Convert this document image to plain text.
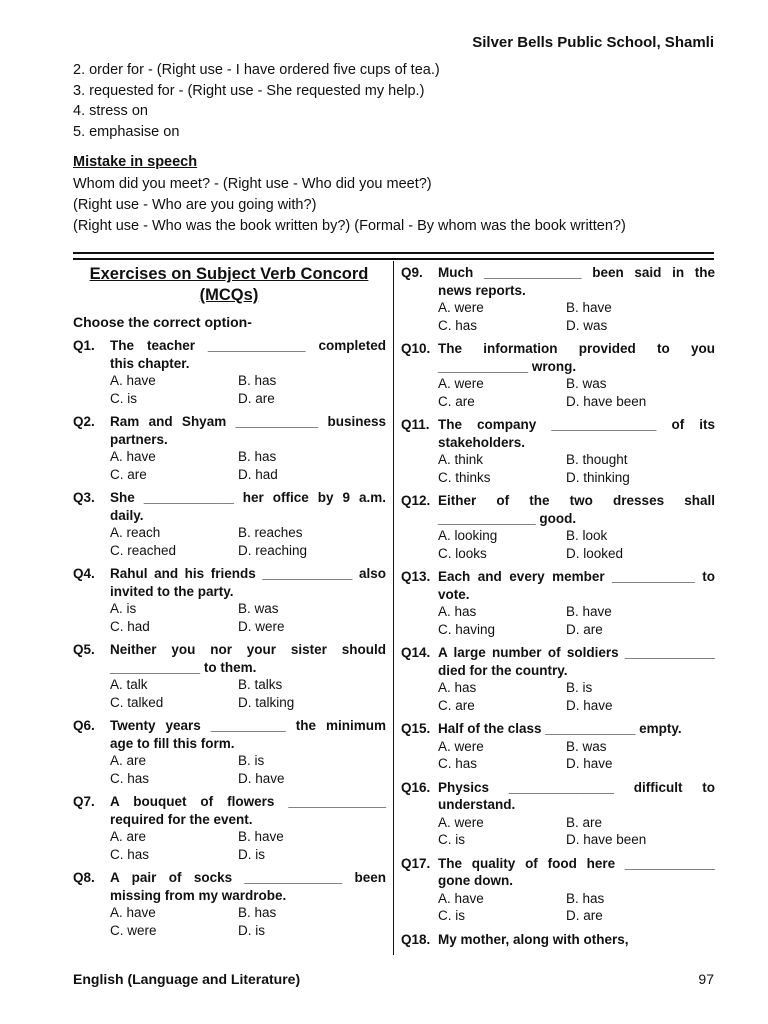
Silver Bells Public School, Shamli
2. order for - (Right use - I have ordered five cups of tea.)
3. requested for - (Right use - She requested my help.)
4. stress on
5. emphasise on
Mistake in speech
Whom did you meet? - (Right use - Who did you meet?)
(Right use - Who are you going with?)
(Right use - Who was the book written by?) (Formal - By whom was the book written?)
Exercises on Subject Verb Concord (MCQs)
Choose the correct option-
Q1.	The teacher _____________ completed this chapter.
A. have	B. has
C. is	D. are
Q2.	Ram and Shyam ___________ business partners.
A. have	B. has
C. are	D. had
Q3.	She ____________ her office by 9 a.m. daily.
A. reach	B. reaches
C. reached	D. reaching
Q4.	Rahul and his friends ____________ also invited to the party.
A. is	B. was
C. had	D. were
Q5.	Neither you nor your sister should ____________ to them.
A. talk	B. talks
C. talked	D. talking
Q6.	Twenty years __________ the minimum age to fill this form.
A. are	B. is
C. has	D. have
Q7.	A bouquet of flowers _____________ required for the event.
A. are	B. have
C. has	D. is
Q8.	A pair of socks _____________ been missing from my wardrobe.
A. have	B. has
C. were	D. is
Q9.	Much _____________ been said in the news reports.
A. were	B. have
C. has	D. was
Q10. The information provided to you ____________ wrong.
A. were	B. was
C. are	D. have been
Q11. The company ______________ of its stakeholders.
A. think	B. thought
C. thinks	D. thinking
Q12. Either of the two dresses shall _____________ good.
A. looking	B. look
C. looks	D. looked
Q13. Each and every member ___________ to vote.
A. has	B. have
C. having	D. are
Q14. A large number of soldiers ____________ died for the country.
A. has	B. is
C. are	D. have
Q15. Half of the class ____________ empty.
A. were	B. was
C. has	D. have
Q16. Physics ______________ difficult to understand.
A. were	B. are
C. is	D. have been
Q17. The quality of food here ____________ gone down.
A. have	B. has
C. is	D. are
Q18. My mother, along with others,
English (Language and Literature)	97
